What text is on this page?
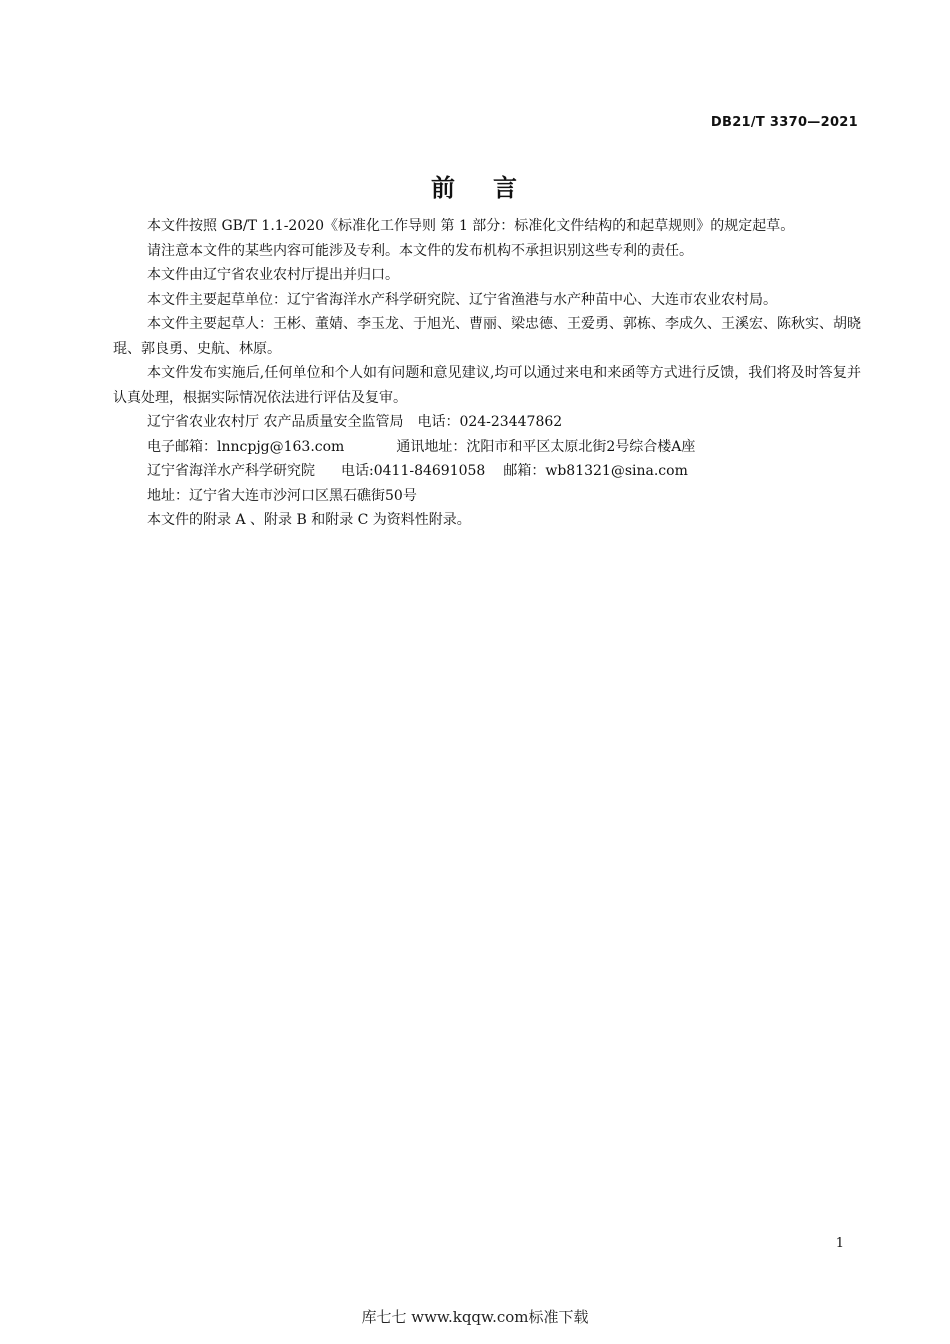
DB21/T 3370—2021
前 言

本文件按照 GB/T 1.1-2020《标准化工作导则 第 1 部分：标准化文件结构的和起草规则》的规定起草。

请注意本文件的某些内容可能涉及专利。本文件的发布机构不承担识别这些专利的责任。

本文件由辽宁省农业农村厅提出并归口。

本文件主要起草单位：辽宁省海洋水产科学研究院、辽宁省渔港与水产种苗中心、大连市农业农村局。

本文件主要起草人：王彬、董婧、李玉龙、于旭光、曹丽、梁忠德、王爱勇、郭栋、李成久、王溪宏、陈秋实、胡晓琨、郭良勇、史航、林原。

本文件发布实施后,任何单位和个人如有问题和意见建议,均可以通过来电和来函等方式进行反馈，我们将及时答复并认真处理，根据实际情况依法进行评估及复审。

辽宁省农业农村厅 农产品质量安全监管局 电话：024-23447862

电子邮箱：lnncpjg@163.com	通讯地址：沈阳市和平区太原北街2号综合楼A座

辽宁省海洋水产科学研究院 电话:0411-84691058 邮箱：wb81321@sina.com

地址：辽宁省大连市沙河口区黑石礁街50号

本文件的附录 A 、附录 B 和附录 C 为资料性附录。

1
库七七 www.kqqw.com标准下载
